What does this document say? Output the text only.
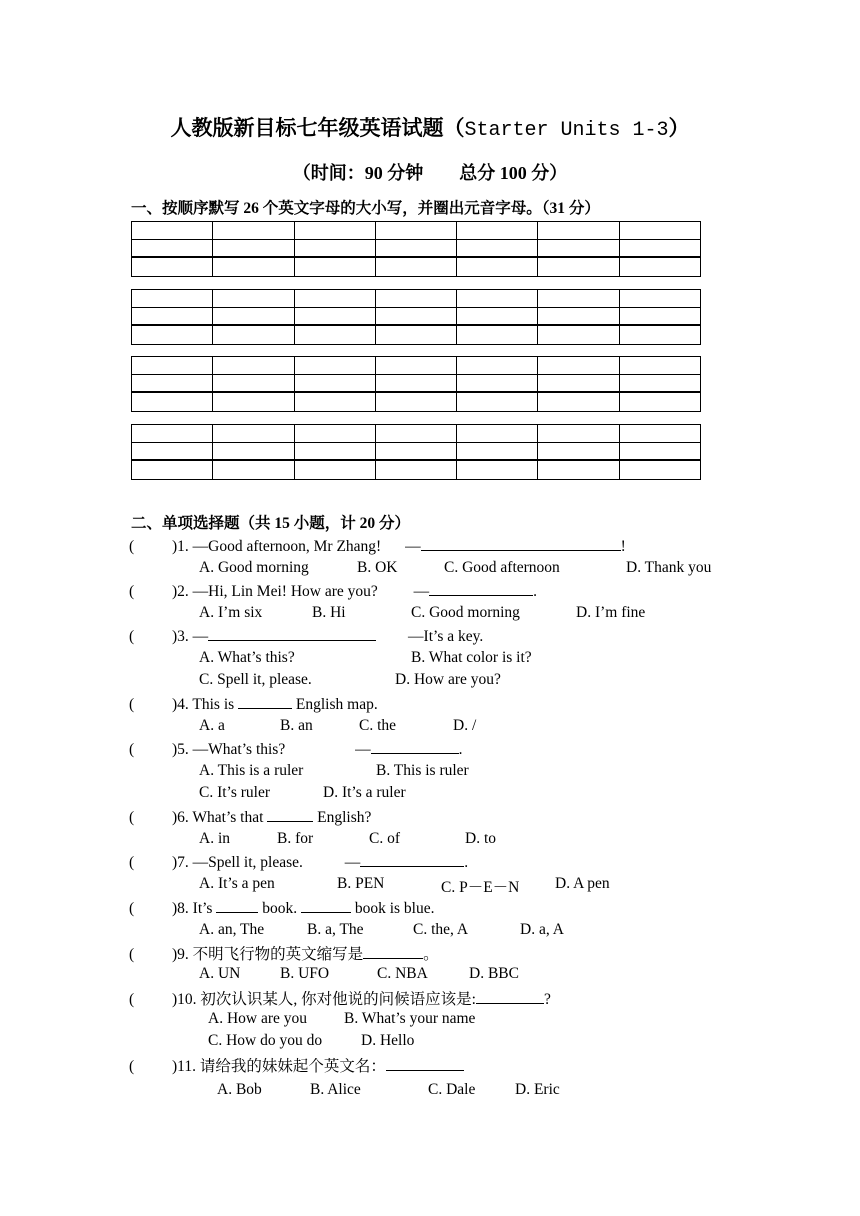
人教版新目标七年级英语试题（Starter Units 1-3）
（时间：90 分钟 总分 100 分）
一、按顺序默写 26 个英文字母的大小写，并圈出元音字母。（31 分）
二、单项选择题（共 15 小题，计 20 分）
( )1. —Good afternoon, Mr Zhang! —	!
A. Good morning	B. OK	C. Good afternoon	D. Thank you
( )2. —Hi, Lin Mei! How are you? —	.
A. I’m six	B. Hi	C. Good morning	D. I’m fine
( )3. —	—It’s a key.
A. What’s this?	B. What color is it?
C. Spell it, please.	D. How are you?
( )4. This is	English map.
A. a	B. an	C. the	D. /
( )5. —What’s this?	—	.
A. This is a ruler	B. This is ruler
C. It’s ruler	D. It’s a ruler
( )6. What’s that	English?
A. in	B. for	C. of	D. to
( )7. —Spell it, please.	—	.
A. It’s a pen	B. PEN	C. P－E－N D. A pen
( )8. It’s	book.	book is blue.
A. an, The	B. a, The	C. the, A	D. a, A
( )9. 不明飞行物的英文缩写是	。
A. UN	B. UFO	C. NBA	D. BBC
( )10. 初次认识某人, 你对他说的问候语应该是:	?
A. How are you B. What’s your name
C. How do you do	D. Hello
( )11. 请给我的妹妹起个英文名：
A. Bob	B. Alice	C. Dale	D. Eric
